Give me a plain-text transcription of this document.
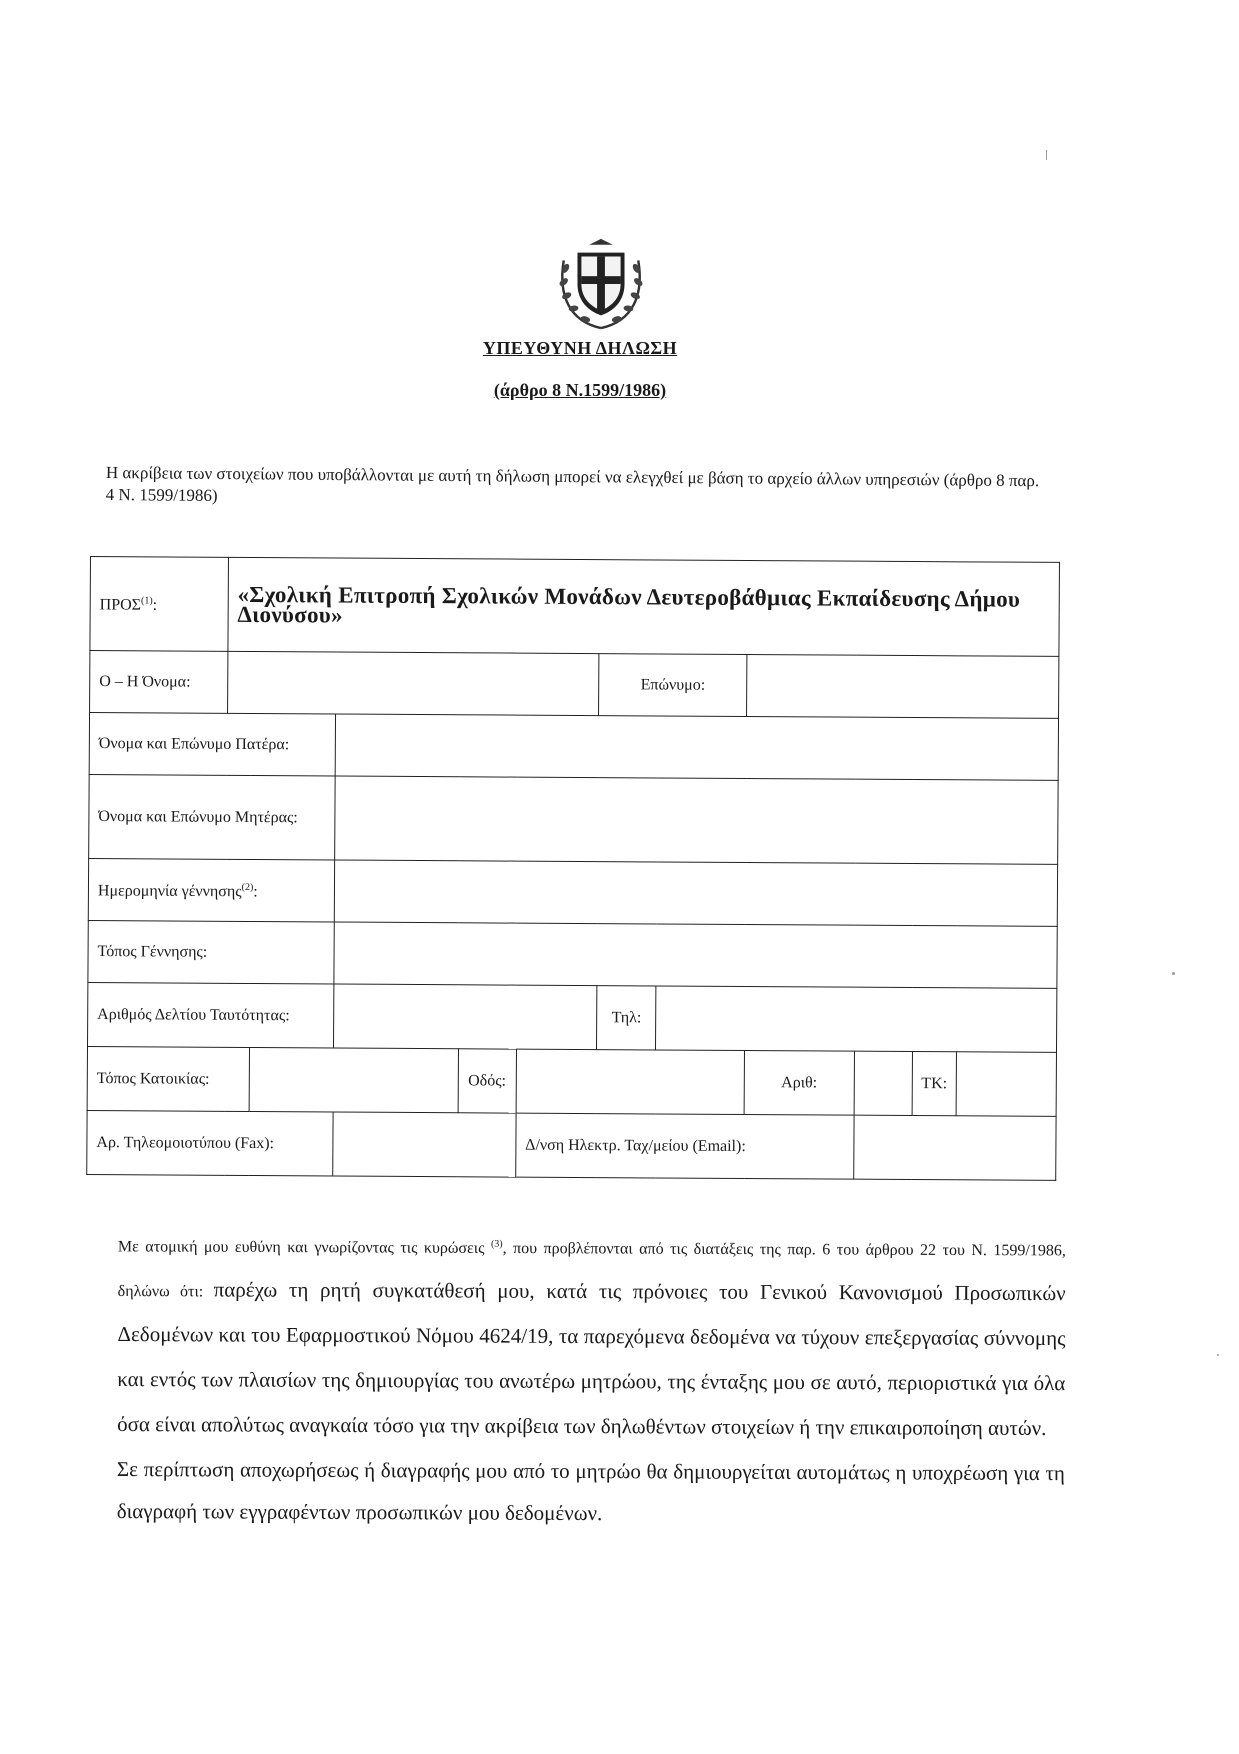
ΥΠΕΥΘΥΝΗ ΔΗΛΩΣΗ
(άρθρο 8 Ν.1599/1986)
Η ακρίβεια των στοιχείων που υποβάλλονται με αυτή τη δήλωση μπορεί να ελεγχθεί με βάση το αρχείο άλλων υπηρεσιών (άρθρο 8 παρ. 4 Ν. 1599/1986)
ΠΡΟΣ$^{(1)}$:	«Σχολική Επιτροπή Σχολικών Μονάδων Δευτεροβάθμιας Εκπαίδευσης Δήμου Διονύσου»										
Ο – Η Όνομα:						Επώνυμο:					
Όνομα και Επώνυμο Πατέρα:											
Όνομα και Επώνυμο Μητέρας:											
Ημερομηνία γέννησης$^{(2)}$:											
Τόπος Γέννησης:											
Αριθμός Δελτίου Ταυτότητας:						Τηλ:					
Τόπος Κατοικίας:				Οδός:				Αριθ:		ΤΚ:	
Αρ. Τηλεομοιοτύπου (Fax):					Δ/νση Ηλεκτρ. Ταχ/μείου (Email):						

Με ατομική μου ευθύνη και γνωρίζοντας τις κυρώσεις $^{(3)}$, που προβλέπονται από τις διατάξεις της παρ. 6 του άρθρου 22 του Ν. 1599/1986, δηλώνω ότι: παρέχω τη ρητή συγκατάθεσή μου, κατά τις πρόνοιες του Γενικού Κανονισμού Προσωπικών Δεδομένων και του Εφαρμοστικού Νόμου 4624/19, τα παρεχόμενα δεδομένα να τύχουν επεξεργασίας σύννομης και εντός των πλαισίων της δημιουργίας του ανωτέρω μητρώου, της ένταξης μου σε αυτό, περιοριστικά για όλα όσα είναι απολύτως αναγκαία τόσο για την ακρίβεια των δηλωθέντων στοιχείων ή την επικαιροποίηση αυτών.

Σε περίπτωση αποχωρήσεως ή διαγραφής μου από το μητρώο θα δημιουργείται αυτομάτως η υποχρέωση για τη διαγραφή των εγγραφέντων προσωπικών μου δεδομένων.
